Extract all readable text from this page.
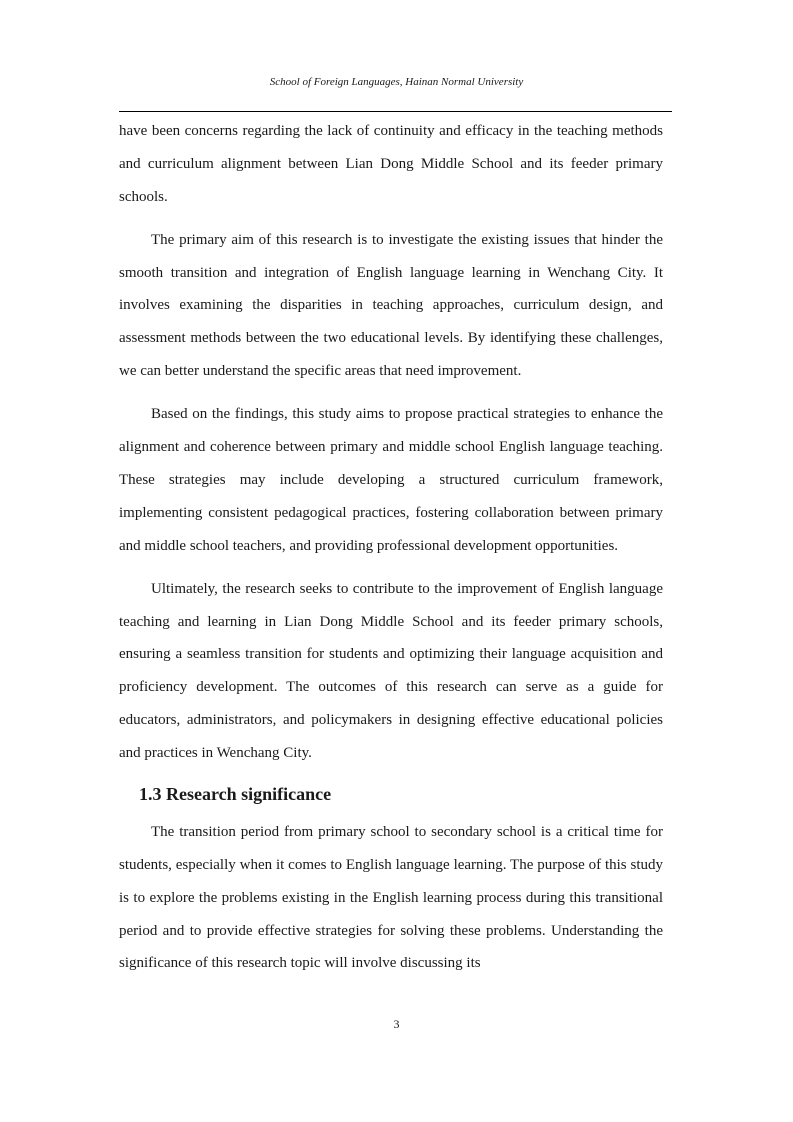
School of Foreign Languages, Hainan Normal University

have been concerns regarding the lack of continuity and efficacy in the teaching methods and curriculum alignment between Lian Dong Middle School and its feeder primary schools.

The primary aim of this research is to investigate the existing issues that hinder the smooth transition and integration of English language learning in Wenchang City. It involves examining the disparities in teaching approaches, curriculum design, and assessment methods between the two educational levels. By identifying these challenges, we can better understand the specific areas that need improvement.

Based on the findings, this study aims to propose practical strategies to enhance the alignment and coherence between primary and middle school English language teaching. These strategies may include developing a structured curriculum framework, implementing consistent pedagogical practices, fostering collaboration between primary and middle school teachers, and providing professional development opportunities.

Ultimately, the research seeks to contribute to the improvement of English language teaching and learning in Lian Dong Middle School and its feeder primary schools, ensuring a seamless transition for students and optimizing their language acquisition and proficiency development. The outcomes of this research can serve as a guide for educators, administrators, and policymakers in designing effective educational policies and practices in Wenchang City.

1.3 Research significance

The transition period from primary school to secondary school is a critical time for students, especially when it comes to English language learning. The purpose of this study is to explore the problems existing in the English learning process during this transitional period and to provide effective strategies for solving these problems. Understanding the significance of this research topic will involve discussing its

3
